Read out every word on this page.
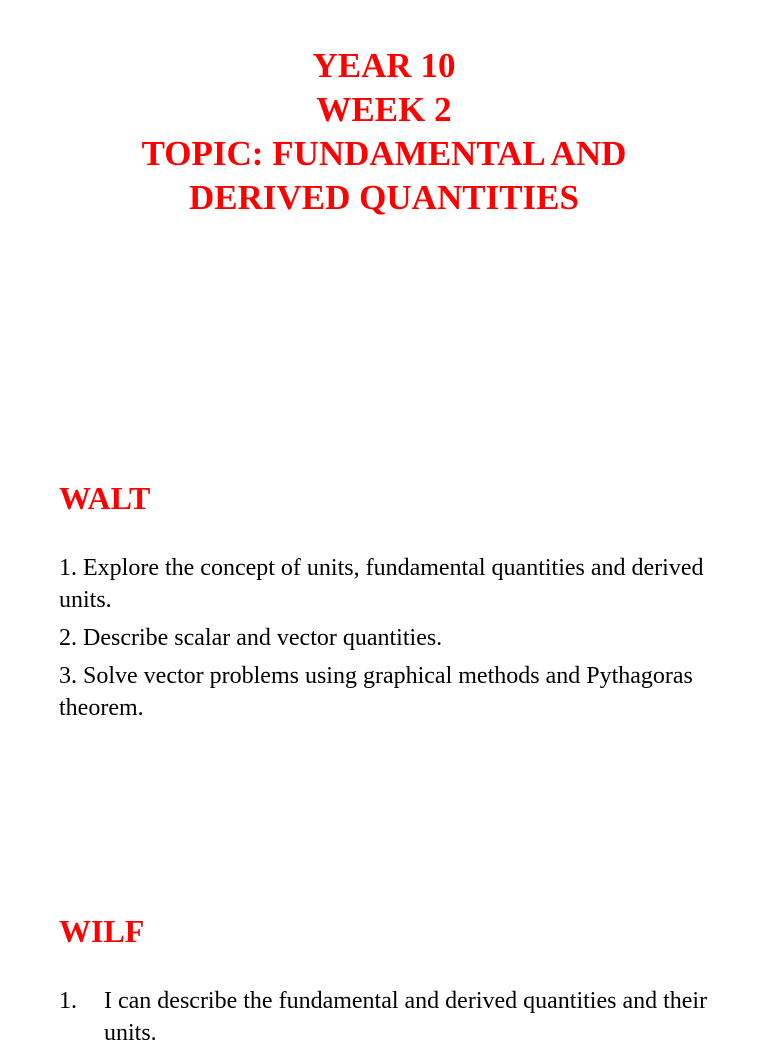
YEAR 10
WEEK 2
TOPIC: FUNDAMENTAL AND
DERIVED QUANTITIES
WALT

1. Explore the concept of units, fundamental quantities and derived units.

2. Describe scalar and vector quantities.

3. Solve vector problems using graphical methods and Pythagoras theorem.

WILF
1.	I can describe the fundamental and derived quantities and their units.
